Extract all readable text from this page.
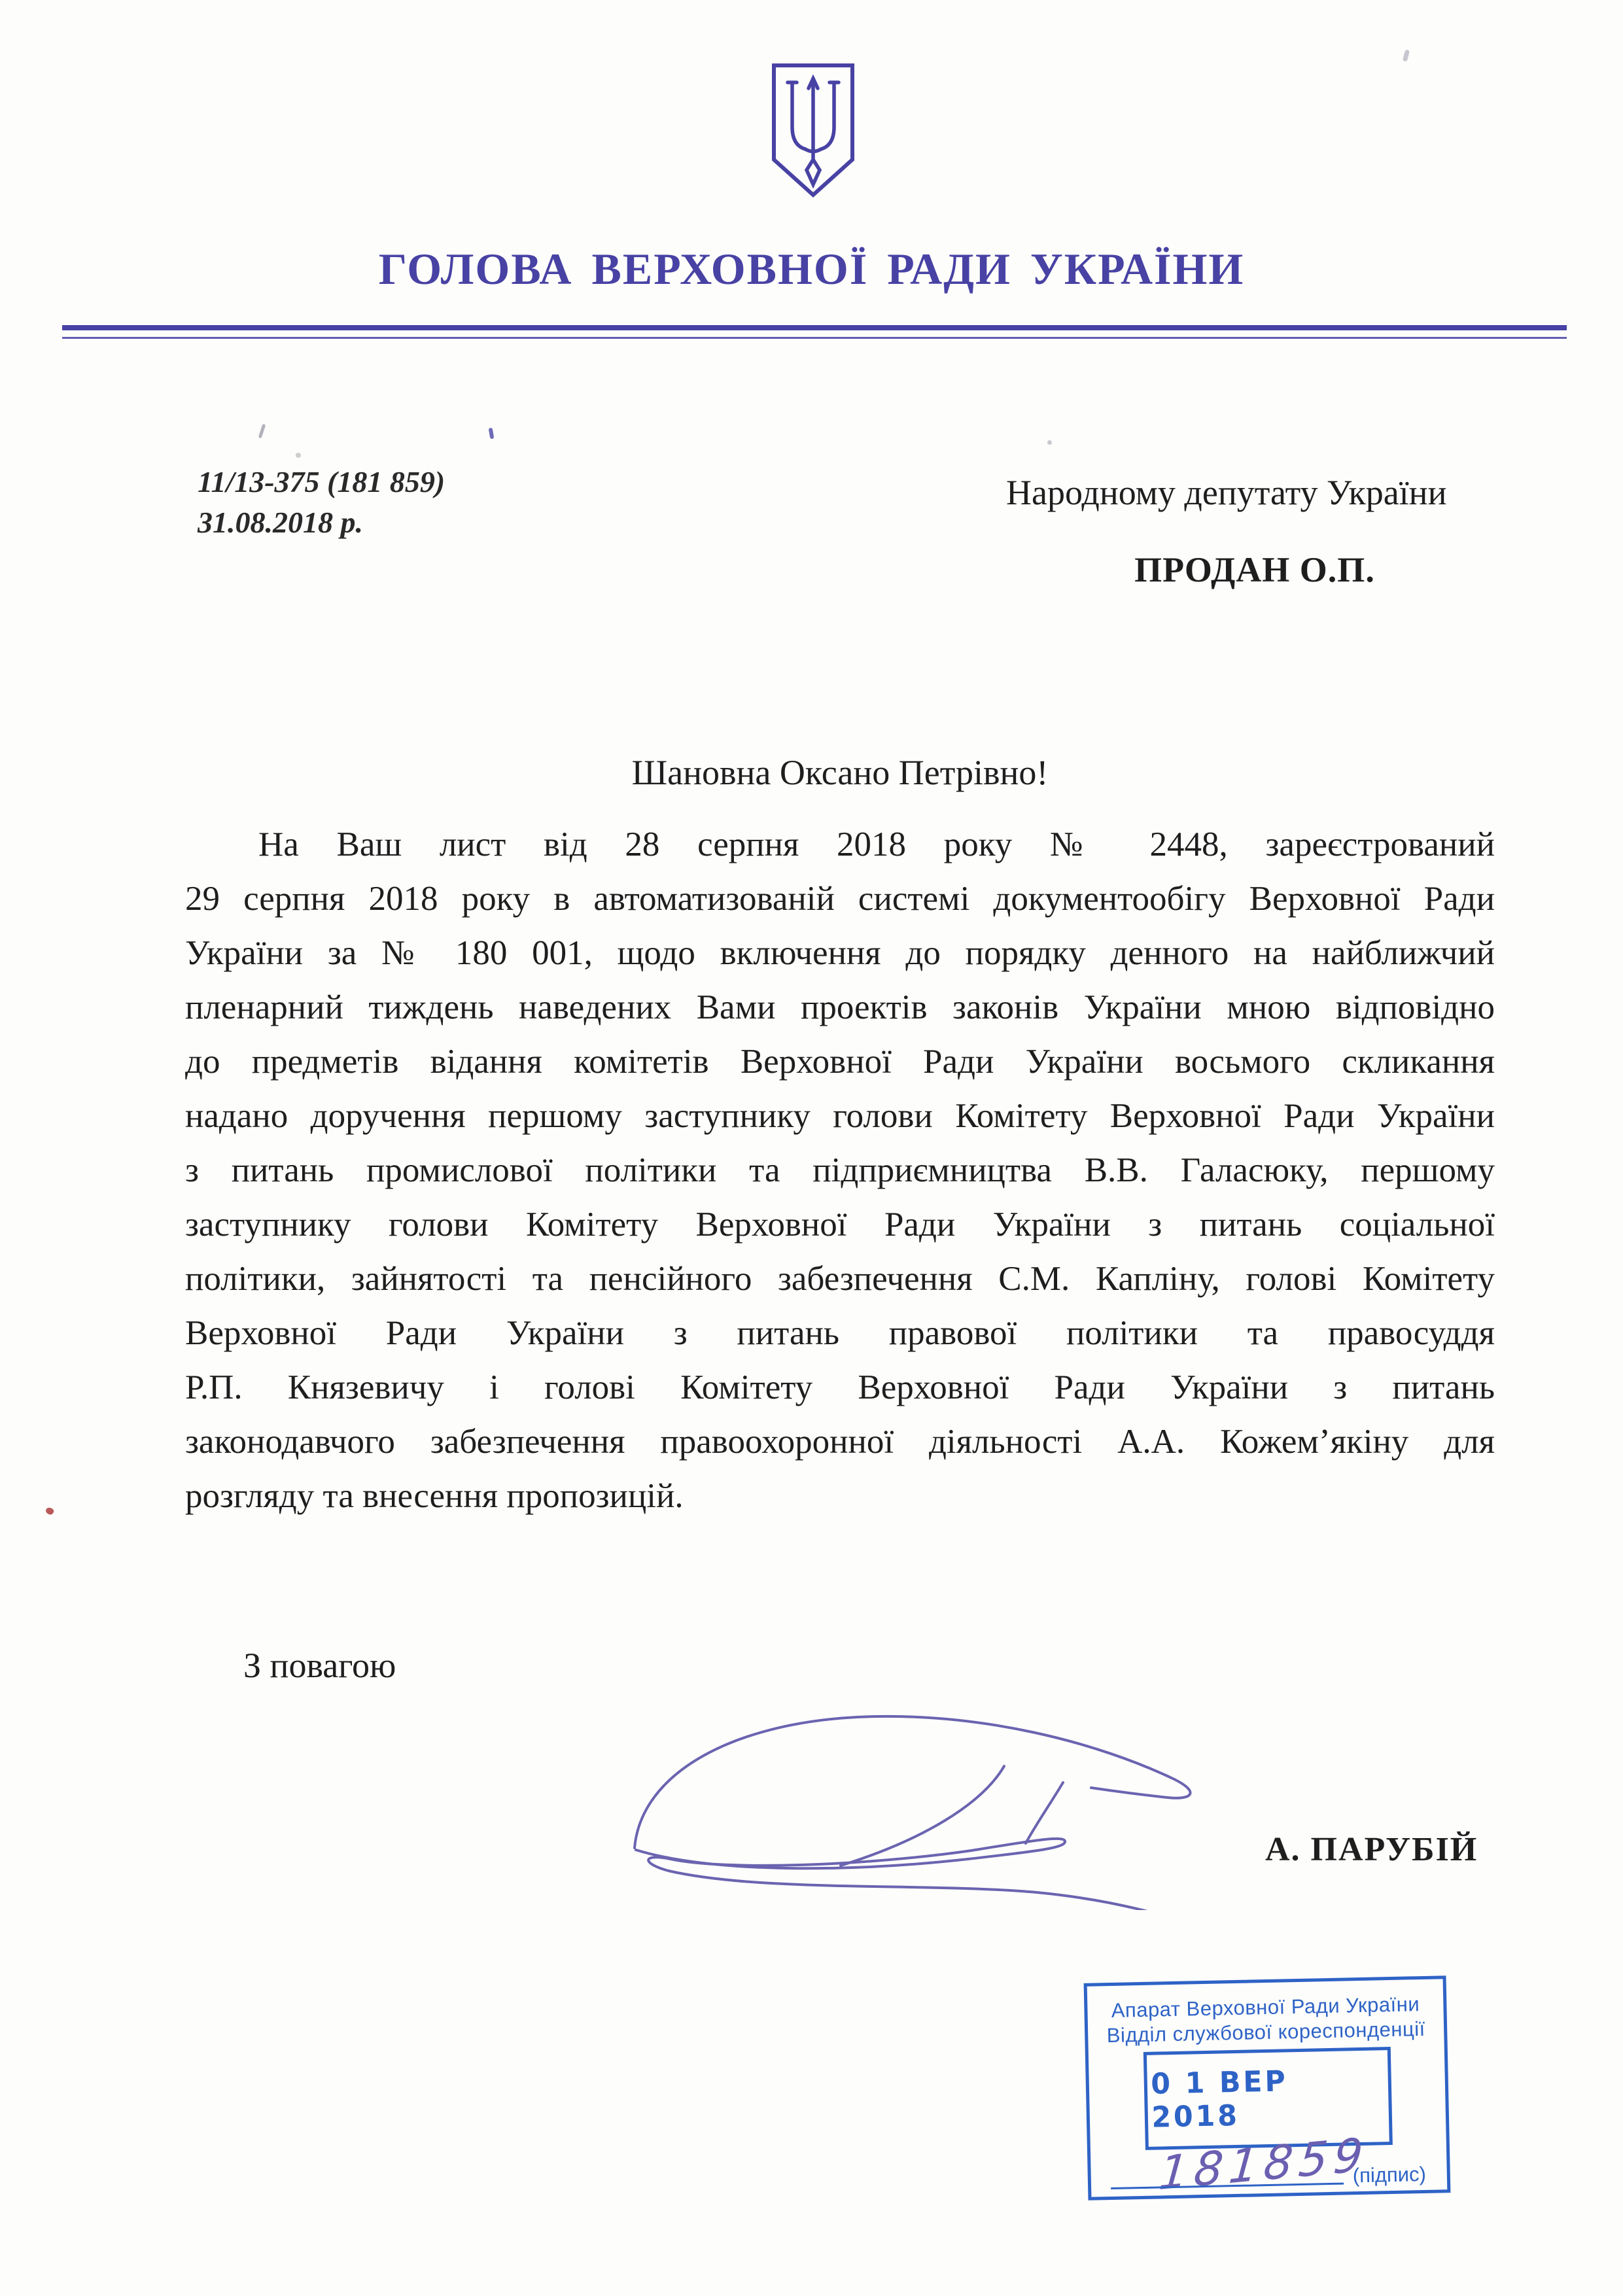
ГОЛОВА ВЕРХОВНОЇ РАДИ УКРАЇНИ
11/13-375 (181 859)
31.08.2018 р.
Народному депутату України
ПРОДАН О.П.
Шановна Оксано Петрівно!
На Ваш лист від 28 серпня 2018 року № 2448, зареєстрований
29 серпня 2018 року в автоматизованій системі документообігу Верховної Ради
України за № 180 001, щодо включення до порядку денного на найближчий
пленарний тиждень наведених Вами проектів законів України мною відповідно
до предметів відання комітетів Верховної Ради України восьмого скликання
надано доручення першому заступнику голови Комітету Верховної Ради України
з питань промислової політики та підприємництва В.В. Галасюку, першому
заступнику голови Комітету Верховної Ради України з питань соціальної
політики, зайнятості та пенсійного забезпечення С.М. Капліну, голові Комітету
Верховної Ради України з питань правової політики та правосуддя
Р.П. Князевичу і голові Комітету Верховної Ради України з питань
законодавчого забезпечення правоохоронної діяльності А.А. Кожем’якіну для
розгляду та внесення пропозицій.
З повагою
А. ПАРУБІЙ
Апарат Верховної Ради України
Відділ службової кореспонденції
0 1 ВЕР 2018
181859
(підпис)
